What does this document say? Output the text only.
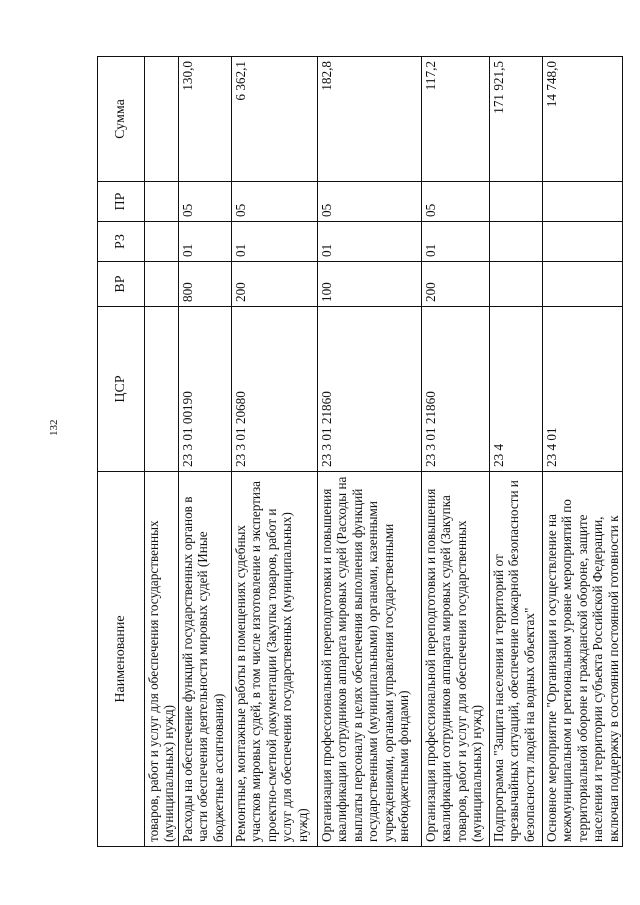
132
Наименование	ЦСР	ВР	РЗ	ПР	Сумма
товаров, работ и услуг для обеспечения государственных (муниципальных) нужд)					
Расходы на обеспечение функций государственных органов в части обеспечения деятельности мировых судей (Иные бюджетные ассигнования)	23 3 01 00190	800	01	05	130,0
Ремонтные, монтажные работы в помещениях судебных участков мировых судей, в том числе изготовление и экспертиза проектно-сметной документации (Закупка товаров, работ и услуг для обеспечения государственных (муниципальных) нужд)	23 3 01 20680	200	01	05	6 362,1
Организация профессиональной переподготовки и повышения квалификации сотрудников аппарата мировых судей (Расходы на выплаты персоналу в целях обеспечения выполнения функций государственными (муниципальными) органами, казенными учреждениями, органами управления государственными внебюджетными фондами)	23 3 01 21860	100	01	05	182,8
Организация профессиональной переподготовки и повышения квалификации сотрудников аппарата мировых судей (Закупка товаров, работ и услуг для обеспечения государственных (муниципальных) нужд)	23 3 01 21860	200	01	05	117,2
Подпрограмма "Защита населения и территорий от чрезвычайных ситуаций, обеспечение пожарной безопасности и безопасности людей на водных объектах"	23 4				171 921,5
Основное мероприятие "Организация и осуществление на межмуниципальном и региональном уровне мероприятий по территориальной обороне и гражданской обороне, защите населения и территории субъекта Российской Федерации, включая поддержку в состоянии постоянной готовности к	23 4 01				14 748,0
